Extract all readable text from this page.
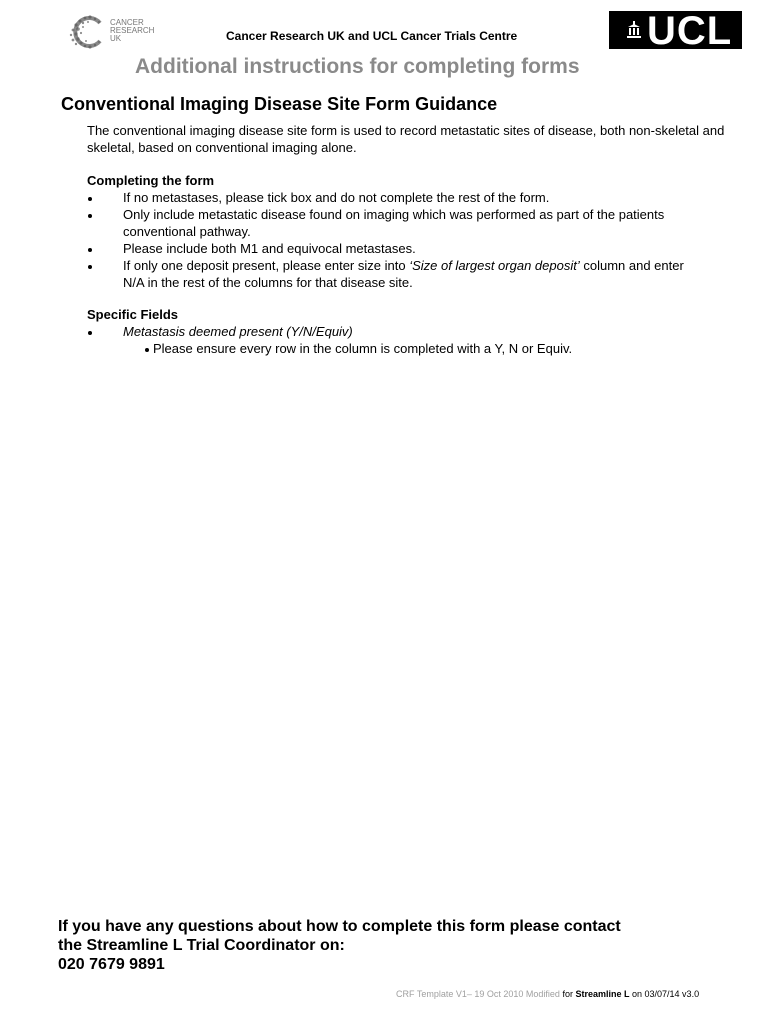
CANCER
RESEARCH
UK	Cancer Research UK and UCL Cancer Trials Centre	UCL
Additional instructions for completing forms
Conventional Imaging Disease Site Form Guidance
The conventional imaging disease site form is used to record metastatic sites of disease, both non-skeletal and skeletal, based on conventional imaging alone.
Completing the form
If no metastases, please tick box and do not complete the rest of the form.
Only include metastatic disease found on imaging which was performed as part of the patients conventional pathway.
Please include both M1 and equivocal metastases.
If only one deposit present, please enter size into ‘Size of largest organ deposit’ column and enter N/A in the rest of the columns for that disease site.
Specific Fields
Metastasis deemed present (Y/N/Equiv)
Please ensure every row in the column is completed with a Y, N or Equiv.
If you have any questions about how to complete this form please contact
the Streamline L Trial Coordinator on:
020 7679 9891
CRF Template V1– 19 Oct 2010 Modified for Streamline L on 03/07/14 v3.0
